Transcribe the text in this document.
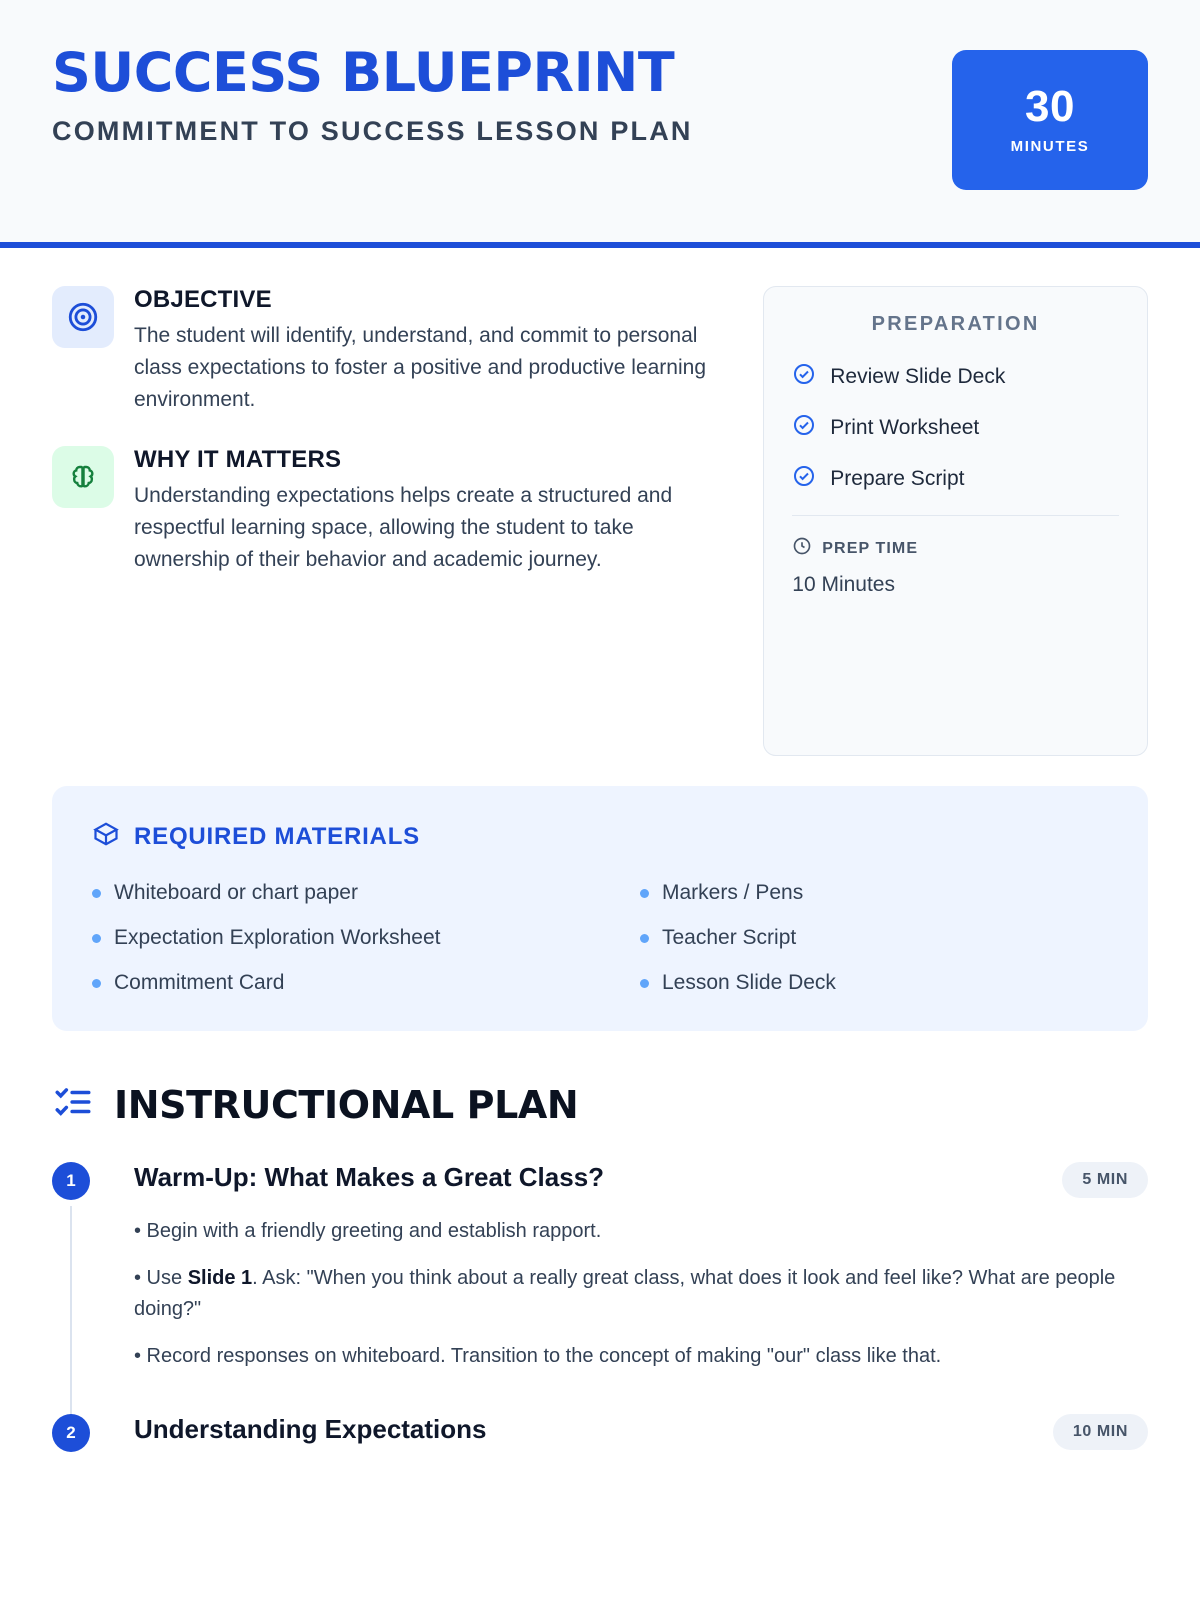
SUCCESS BLUEPRINT
COMMITMENT TO SUCCESS LESSON PLAN
30
MINUTES
OBJECTIVE
The student will identify, understand, and commit to personal class expectations to foster a positive and productive learning environment.
WHY IT MATTERS
Understanding expectations helps create a structured and respectful learning space, allowing the student to take ownership of their behavior and academic journey.
PREPARATION
Review Slide Deck
Print Worksheet
Prepare Script
PREP TIME
10 Minutes
REQUIRED MATERIALS
Whiteboard or chart paper	Markers / Pens
Expectation Exploration Worksheet	Teacher Script
Commitment Card	Lesson Slide Deck
INSTRUCTIONAL PLAN
1	Warm-Up: What Makes a Great Class?	5 MIN

• Begin with a friendly greeting and establish rapport.

• Use Slide 1. Ask: "When you think about a really great class, what does it look and feel like? What are people doing?"

• Record responses on whiteboard. Transition to the concept of making "our" class like that.

2	Understanding Expectations	10 MIN
